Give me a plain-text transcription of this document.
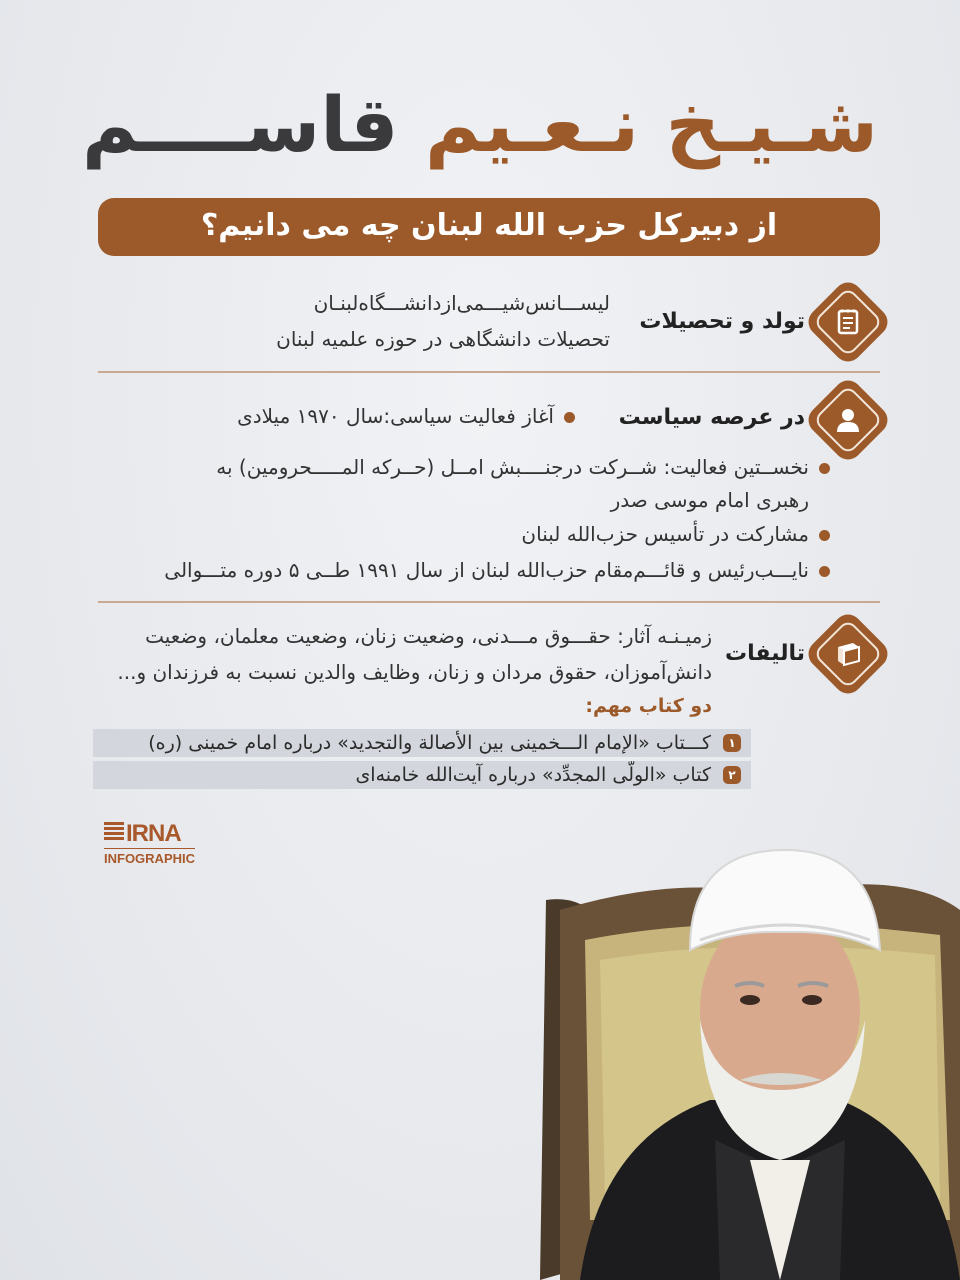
شـیـخ نـعـیم قاســــم
از دبیرکل حزب الله لبنان چه می دانیم؟
تولد و تحصیلات
لیســـانس‌شیـــمی‌ازدانشـــگاه‌لبنـان
تحصیلات دانشگاهی در حوزه علمیه لبنان
در عرصه سیاست
آغاز فعالیت سیاسی:سال ۱۹۷۰ میلادی
نخســتین فعالیت: شــرکت درجنــــبش امــل (حــرکه المـــــحرومین) به
رهبری امام موسی صدر
مشارکت در تأسیس حزب‌الله لبنان
نایـــب‌رئیس و قائـــم‌مقام حزب‌الله لبنان از سال ۱۹۹۱ طــی ۵ دوره متـــوالی
تالیفات
زمیـنـه آثار: حقـــوق مـــدنی، وضعیت زنان، وضعیت معلمان، وضعیت
دانش‌آموزان، حقوق مردان و زنان، وظایف والدین نسبت به فرزندان و...
دو کتاب مهم:
۱
کـــتاب «الإمام الـــخمینی بین الأصالة والتجدید» درباره امام خمینی (ره)
۲
کتاب «الولّی المجدِّد» درباره آیت‌الله خامنه‌ای
IRNA
INFOGRAPHIC
